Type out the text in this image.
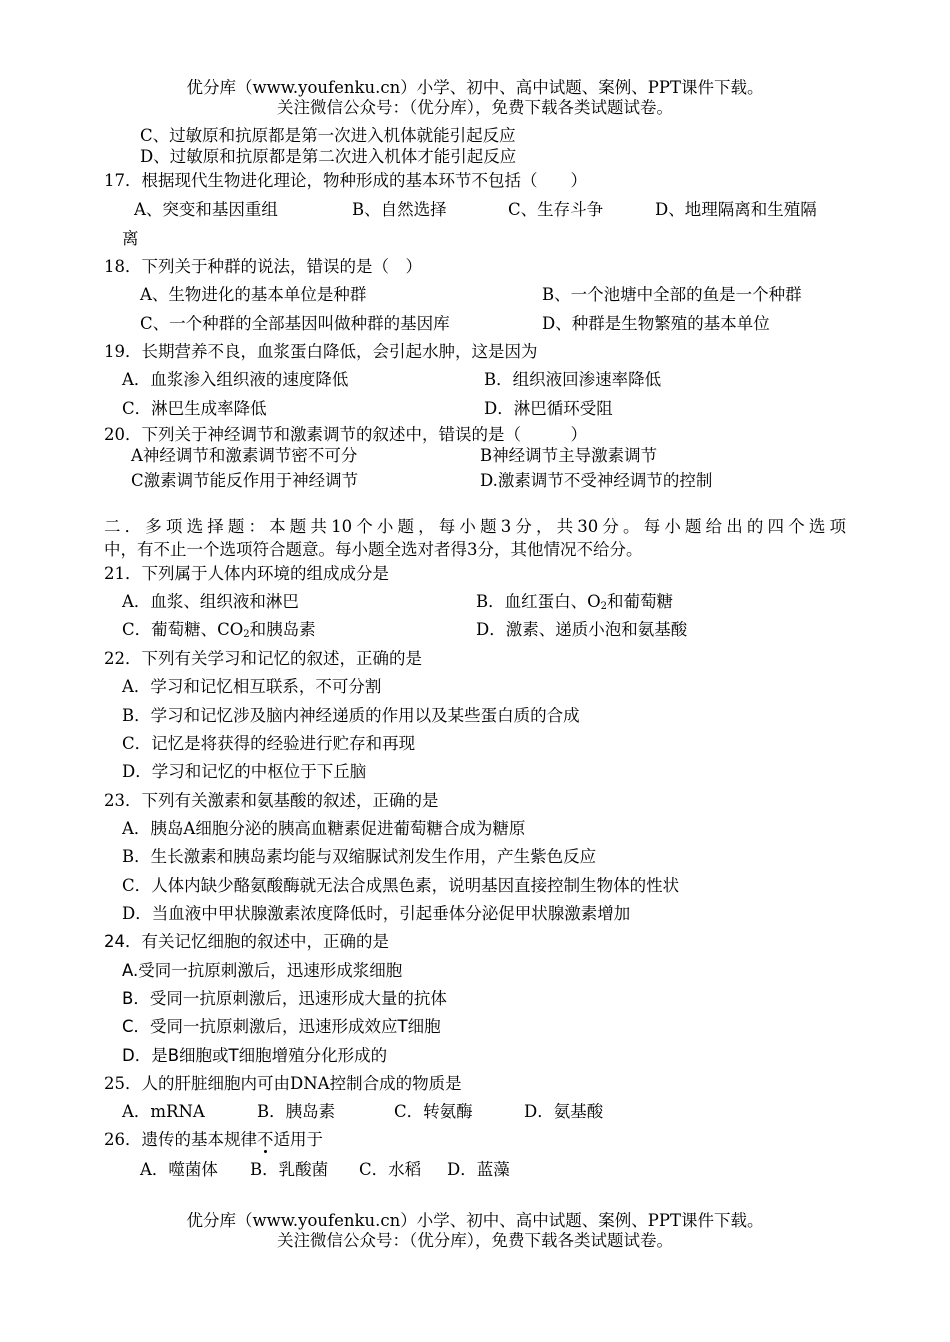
优分库（www.youfenku.cn）小学、初中、高中试题、案例、PPT课件下载。
关注微信公众号：（优分库），免费下载各类试题试卷。
C、过敏原和抗原都是第一次进入机体就能引起反应
D、过敏原和抗原都是第二次进入机体才能引起反应
17．根据现代生物进化理论，物种形成的基本环节不包括（　　）
A、突变和基因重组	B、自然选择	C、生存斗争	D、地理隔离和生殖隔
离
18．下列关于种群的说法，错误的是（　）
A、生物进化的基本单位是种群	B、一个池塘中全部的鱼是一个种群
C、一个种群的全部基因叫做种群的基因库	D、种群是生物繁殖的基本单位
19．长期营养不良，血浆蛋白降低，会引起水肿，这是因为
A．血浆渗入组织液的速度降低	B．组织液回渗速率降低
C．淋巴生成率降低	D．淋巴循环受阻
20．下列关于神经调节和激素调节的叙述中，错误的是（　　　）
A神经调节和激素调节密不可分	B神经调节主导激素调节
C激素调节能反作用于神经调节	D.激素调节不受神经调节的控制
二．多项选择题：本题共10个小题，每小题3分，共30分。每小题给出的四个选项
中，有不止一个选项符合题意。每小题全选对者得3分，其他情况不给分。
21．下列属于人体内环境的组成成分是
A．血浆、组织液和淋巴	B．血红蛋白、$O_2$和葡萄糖
C．葡萄糖、$CO_2$和胰岛素	D．激素、递质小泡和氨基酸
22．下列有关学习和记忆的叙述，正确的是
A．学习和记忆相互联系，不可分割
B．学习和记忆涉及脑内神经递质的作用以及某些蛋白质的合成
C．记忆是将获得的经验进行贮存和再现
D．学习和记忆的中枢位于下丘脑
23．下列有关激素和氨基酸的叙述，正确的是
A．胰岛A细胞分泌的胰高血糖素促进葡萄糖合成为糖原
B．生长激素和胰岛素均能与双缩脲试剂发生作用，产生紫色反应
C．人体内缺少酪氨酸酶就无法合成黑色素，说明基因直接控制生物体的性状
D．当血液中甲状腺激素浓度降低时，引起垂体分泌促甲状腺激素增加
24．有关记忆细胞的叙述中，正确的是
A.受同一抗原刺激后，迅速形成浆细胞
B．受同一抗原刺激后，迅速形成大量的抗体
C．受同一抗原刺激后，迅速形成效应T细胞
D．是B细胞或T细胞增殖分化形成的
25．人的肝脏细胞内可由DNA控制合成的物质是
A．mRNA	B．胰岛素	C．转氨酶	D．氨基酸
26．遗传的基本规律不适用于
A．噬菌体 B．乳酸菌 C．水稻 D．蓝藻
优分库（www.youfenku.cn）小学、初中、高中试题、案例、PPT课件下载。
关注微信公众号：（优分库），免费下载各类试题试卷。
